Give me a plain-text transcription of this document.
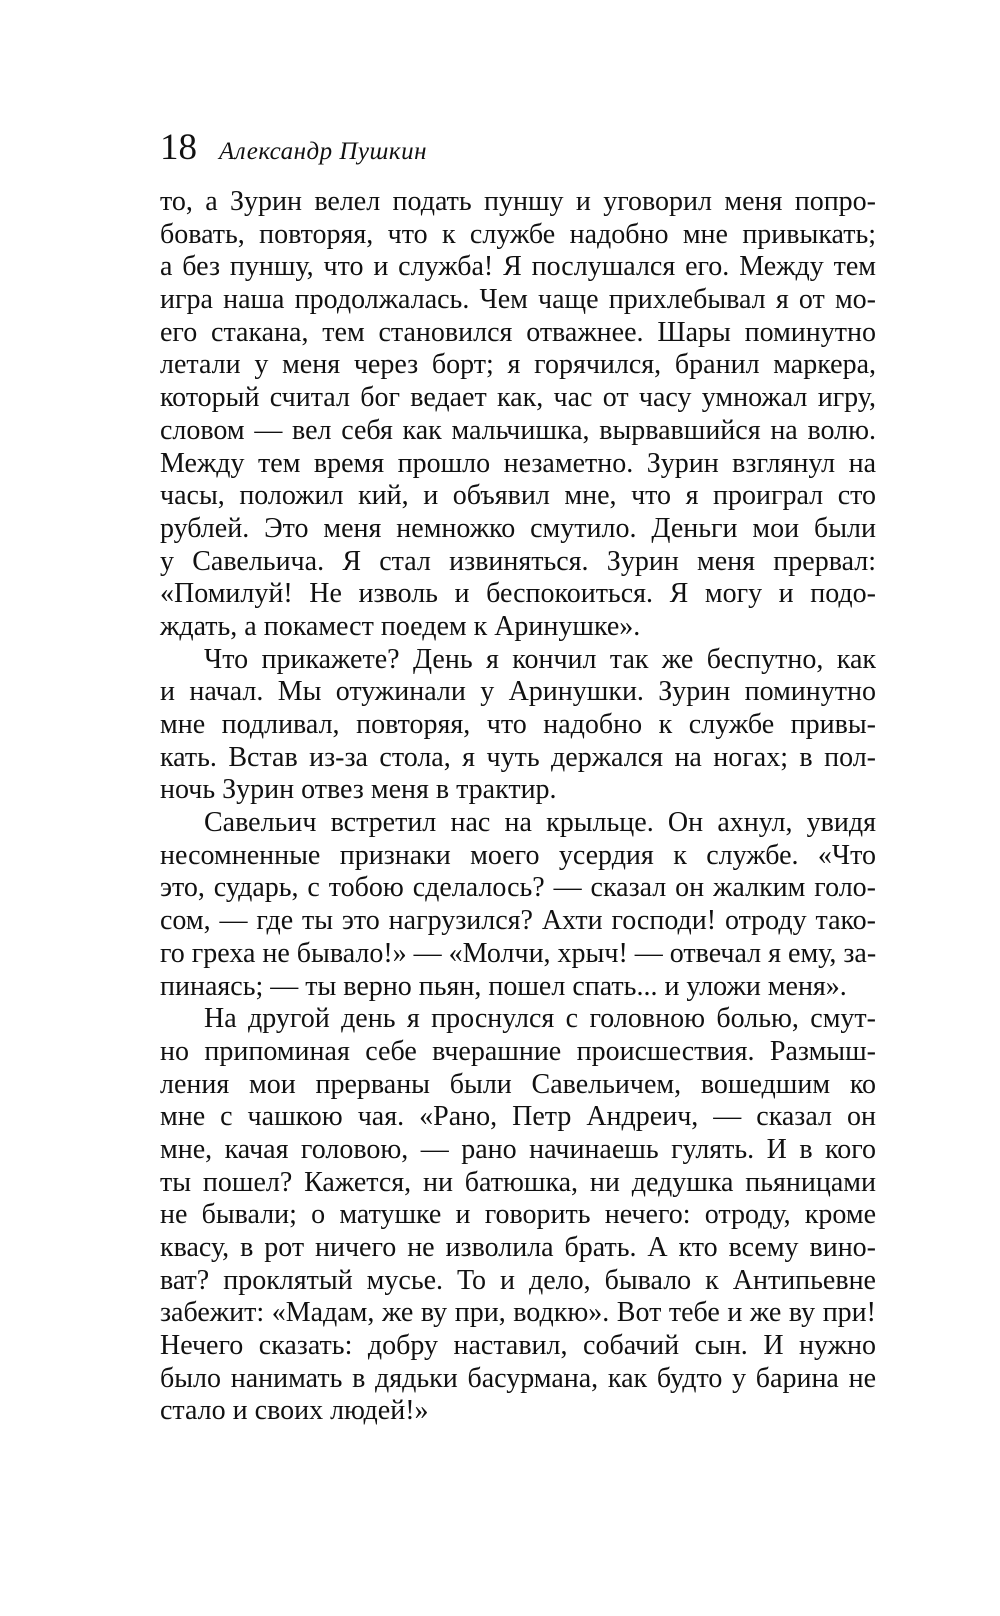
18 Александр Пушкин
то, а Зурин велел подать пуншу и уговорил меня попро-
бовать, повторяя, что к службе надобно мне привыкать;
а без пуншу, что и служба! Я послушался его. Между тем
игра наша продолжалась. Чем чаще прихлебывал я от мо-
его стакана, тем становился отважнее. Шары поминутно
летали у меня через борт; я горячился, бранил маркера,
который считал бог ведает как, час от часу умножал игру,
словом — вел себя как мальчишка, вырвавшийся на волю.
Между тем время прошло незаметно. Зурин взглянул на
часы, положил кий, и объявил мне, что я проиграл сто
рублей. Это меня немножко смутило. Деньги мои были
у Савельича. Я стал извиняться. Зурин меня прервал:
«Помилуй! Не изволь и беспокоиться. Я могу и подо-
ждать, а покамест поедем к Аринушке».
Что прикажете? День я кончил так же беспутно, как
и начал. Мы отужинали у Аринушки. Зурин поминутно
мне подливал, повторяя, что надобно к службе привы-
кать. Встав из-за стола, я чуть держался на ногах; в пол-
ночь Зурин отвез меня в трактир.
Савельич встретил нас на крыльце. Он ахнул, увидя
несомненные признаки моего усердия к службе. «Что
это, сударь, с тобою сделалось? — сказал он жалким голо-
сом, — где ты это нагрузился? Ахти господи! отроду тако-
го греха не бывало!» — «Молчи, хрыч! — отвечал я ему, за-
пинаясь; — ты верно пьян, пошел спать... и уложи меня».
На другой день я проснулся с головною болью, смут-
но припоминая себе вчерашние происшествия. Размыш-
ления мои прерваны были Савельичем, вошедшим ко
мне с чашкою чая. «Рано, Петр Андреич, — сказал он
мне, качая головою, — рано начинаешь гулять. И в кого
ты пошел? Кажется, ни батюшка, ни дедушка пьяницами
не бывали; о матушке и говорить нечего: отроду, кроме
квасу, в рот ничего не изволила брать. А кто всему вино-
ват? проклятый мусье. То и дело, бывало к Антипьевне
забежит: «Мадам, же ву при, водкю». Вот тебе и же ву при!
Нечего сказать: добру наставил, собачий сын. И нужно
было нанимать в дядьки басурмана, как будто у барина не
стало и своих людей!»
